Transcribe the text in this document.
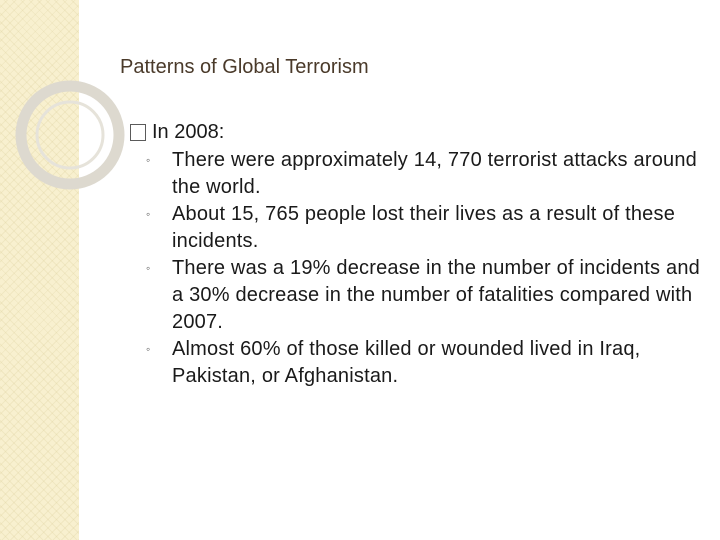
Patterns of Global Terrorism
In 2008:
◦	There were approximately 14, 770 terrorist attacks around the world.
◦	About 15, 765 people lost their lives as a result of these incidents.
◦	There was a 19% decrease in the number of incidents and a 30% decrease in the number of fatalities compared with 2007.
◦	Almost 60% of those killed or wounded lived in Iraq, Pakistan, or Afghanistan.
